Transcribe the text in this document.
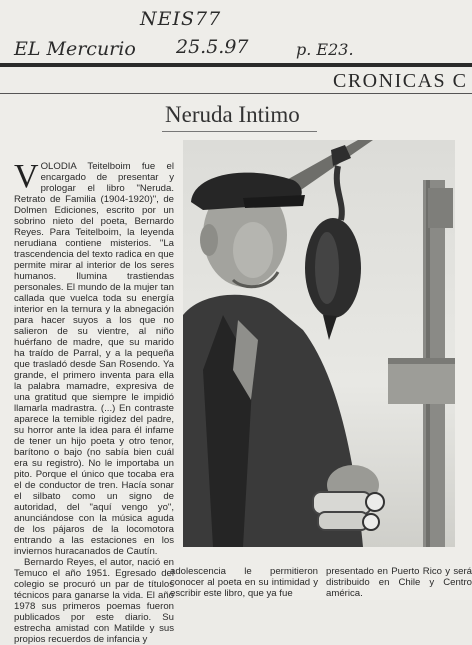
NEIS77
EL Mercurio 25.5.97	p. E23.
CRONICAS C
Neruda Intimo

VOLODIA Teitelboim fue el encargado de presentar y prologar el libro "Neruda. Retrato de Familia (1904-1920)", de Dolmen Ediciones, escrito por un sobrino nieto del poeta, Bernardo Reyes. Para Teitelboim, la leyenda nerudiana contiene misterios. "La trascendencia del texto radica en que permite mirar al interior de los seres humanos. Ilumina trastiendas personales. El mundo de la mujer tan callada que vuelca toda su energía interior en la ternura y la abnegación para hacer suyos a los que no salieron de su vientre, al niño huérfano de madre, que su marido ha traído de Parral, y a la pequeña que trasladó desde San Rosendo. Ya grande, el primero inventa para ella la palabra mamadre, expresiva de una gratitud que siempre le impidió llamarla madrastra. (...) En contraste aparece la temible rigidez del padre, su horror ante la idea para él infame de tener un hijo poeta y otro tenor, barítono o bajo (no sabía bien cuál era su registro). No le importaba un pito. Porque el único que tocaba era el de conductor de tren. Hacía sonar el silbato como un signo de autoridad, del "aquí vengo yo", anunciándose con la música aguda de los pájaros de la locomotora entrando a las estaciones en los inviernos huracanados de Cautín.

Bernardo Reyes, el autor, nació en Temuco el año 1951. Egresado del colegio se procuró un par de títulos técnicos para ganarse la vida. El año 1978 sus primeros poemas fueron publicados por este diario. Su estrecha amistad con Matilde y sus propios recuerdos de infancia y

adolescencia le permitieron conocer al poeta en su intimidad y escribir este libro, que ya fue
presentado en Puerto Rico y será distribuido en Chile y Centro américa.
